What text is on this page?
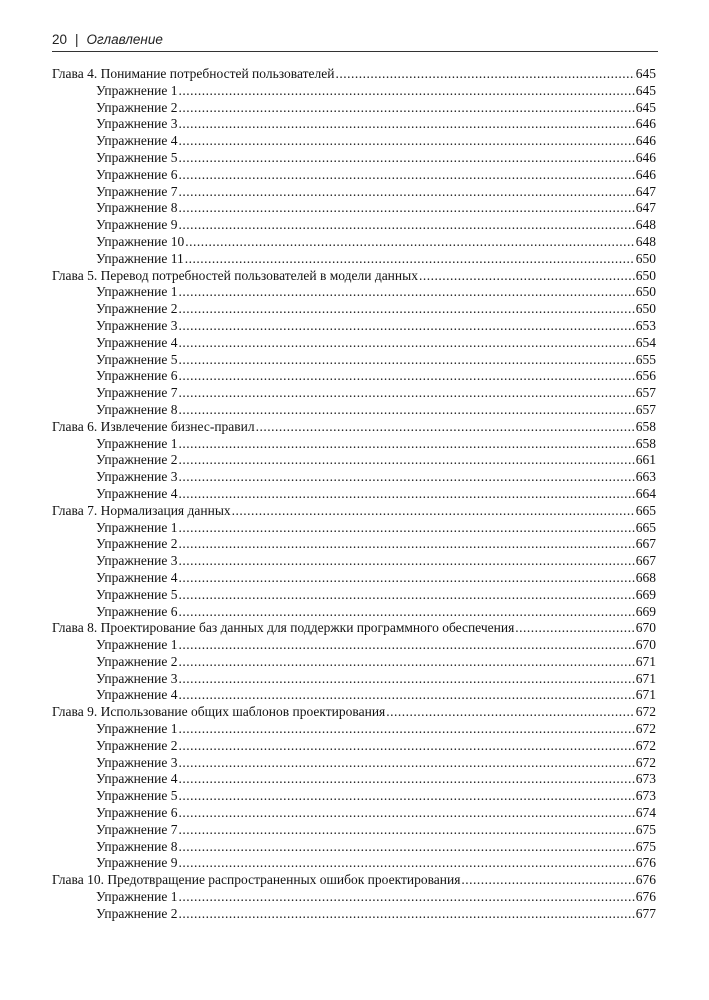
20 | Оглавление
Глава 4. Понимание потребностей пользователей .....	645
Упражнение 1 .....	645
Упражнение 2 .....	645
Упражнение 3 .....	646
Упражнение 4 .....	646
Упражнение 5 .....	646
Упражнение 6 .....	646
Упражнение 7 .....	647
Упражнение 8 .....	647
Упражнение 9 .....	648
Упражнение 10 .....	648
Упражнение 11 .....	650
Глава 5. Перевод потребностей пользователей в модели данных .....	650
Упражнение 1 .....	650
Упражнение 2 .....	650
Упражнение 3 .....	653
Упражнение 4 .....	654
Упражнение 5 .....	655
Упражнение 6 .....	656
Упражнение 7 .....	657
Упражнение 8 .....	657
Глава 6. Извлечение бизнес-правил .....	658
Упражнение 1 .....	658
Упражнение 2 .....	661
Упражнение 3 .....	663
Упражнение 4 .....	664
Глава 7. Нормализация данных .....	665
Упражнение 1 .....	665
Упражнение 2 .....	667
Упражнение 3 .....	667
Упражнение 4 .....	668
Упражнение 5 .....	669
Упражнение 6 .....	669
Глава 8. Проектирование баз данных для поддержки программного обеспечения .....	670
Упражнение 1 .....	670
Упражнение 2 .....	671
Упражнение 3 .....	671
Упражнение 4 .....	671
Глава 9. Использование общих шаблонов проектирования .....	672
Упражнение 1 .....	672
Упражнение 2 .....	672
Упражнение 3 .....	672
Упражнение 4 .....	673
Упражнение 5 .....	673
Упражнение 6 .....	674
Упражнение 7 .....	675
Упражнение 8 .....	675
Упражнение 9 .....	676
Глава 10. Предотвращение распространенных ошибок проектирования .....	676
Упражнение 1 .....	676
Упражнение 2 .....	677
